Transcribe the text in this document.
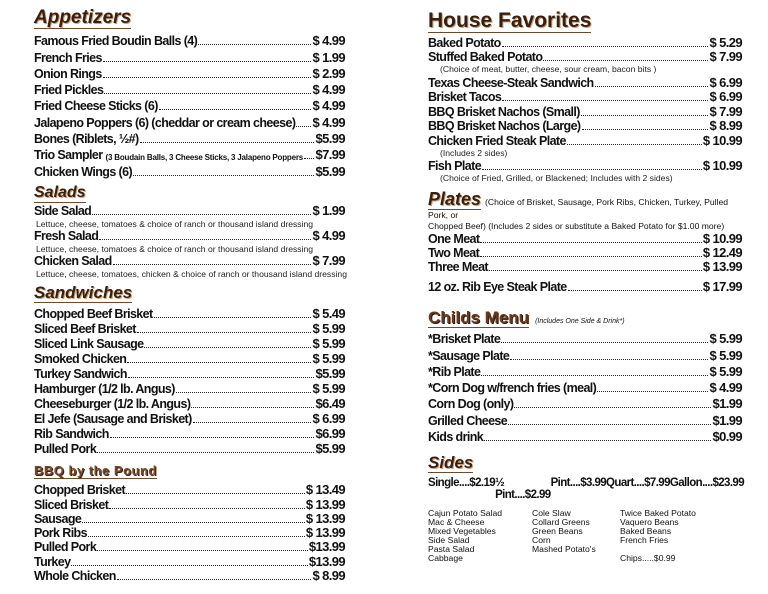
Appetizers
Famous Fried Boudin Balls (4)	$ 4.99
French Fries	$ 1.99
Onion Rings	$ 2.99
Fried Pickles	$ 4.99
Fried Cheese Sticks (6)	$ 4.99
Jalapeno Poppers (6) (cheddar or cream cheese) $ 4.99
Bones (Riblets, ½#)	$5.99
Trio Sampler (3 Boudain Balls, 3 Cheese Sticks, 3 Jalapeno Poppers $7.99
Chicken Wings (6)	$5.99
Salads
Side Salad	$ 1.99
Lettuce, cheese, tomatoes & choice of ranch or thousand island dressing
Fresh Salad	$ 4.99
Lettuce, cheese, tomatoes & choice of ranch or thousand island dressing
Chicken Salad	$ 7.99
Lettuce, cheese, tomatoes, chicken & choice of ranch or thousand island dressing
Sandwiches
Chopped Beef Brisket	$ 5.49
Sliced Beef Brisket	$ 5.99
Sliced Link Sausage	$ 5.99
Smoked Chicken	$ 5.99
Turkey Sandwich	$5.99
Hamburger (1/2 lb. Angus)	$ 5.99
Cheeseburger (1/2 lb. Angus)	$6.49
El Jefe (Sausage and Brisket)	$ 6.99
Rib Sandwich	$6.99
Pulled Pork	$5.99
BBQ by the Pound
Chopped Brisket	$ 13.49
Sliced Brisket	$ 13.99
Sausage	$ 13.99
Pork Ribs	$ 13.99
Pulled Pork	$13.99
Turkey	$13.99
Whole Chicken	$ 8.99
House Favorites
Baked Potato	$ 5.29
Stuffed Baked Potato	$ 7.99
(Choice of meat, butter, cheese, sour cream, bacon bits )
Texas Cheese-Steak Sandwich	$ 6.99
Brisket Tacos	$ 6.99
BBQ Brisket Nachos (Small)	$ 7.99
BBQ Brisket Nachos (Large)	$ 8.99
Chicken Fried Steak Plate	$ 10.99
(Includes 2 sides)
Fish Plate	$ 10.99
(Choice of Fried, Grilled, or Blackened; Includes with 2 sides)
Plates (Choice of Brisket, Sausage, Pork Ribs, Chicken, Turkey, Pulled Pork, or
Chopped Beef) (Includes 2 sides or substitute a Baked Potato for $1.00 more)
One Meat	$ 10.99
Two Meat	$ 12.49
Three Meat	$ 13.99
12 oz. Rib Eye Steak Plate	$ 17.99
Childs Menu (Includes One Side & Drink*)
*Brisket Plate	$ 5.99
*Sausage Plate	$ 5.99
*Rib Plate	$ 5.99
*Corn Dog w/french fries (meal)	$ 4.99
Corn Dog (only)	$1.99
Grilled Cheese	$1.99
Kids drink	$0.99
Sides
Single....$2.19 ½ Pint....$2.99
Pint....$3.99 Quart....$7.99 Gallon....$23.99
Cajun Potato Salad
Mac & Cheese
Mixed Vegetables
Side Salad
Pasta Salad
Cabbage
Cole Slaw
Collard Greens
Green Beans
Corn
Mashed Potato's
Twice Baked Potato
Vaquero Beans
Baked Beans
French Fries
Chips.....$0.99
